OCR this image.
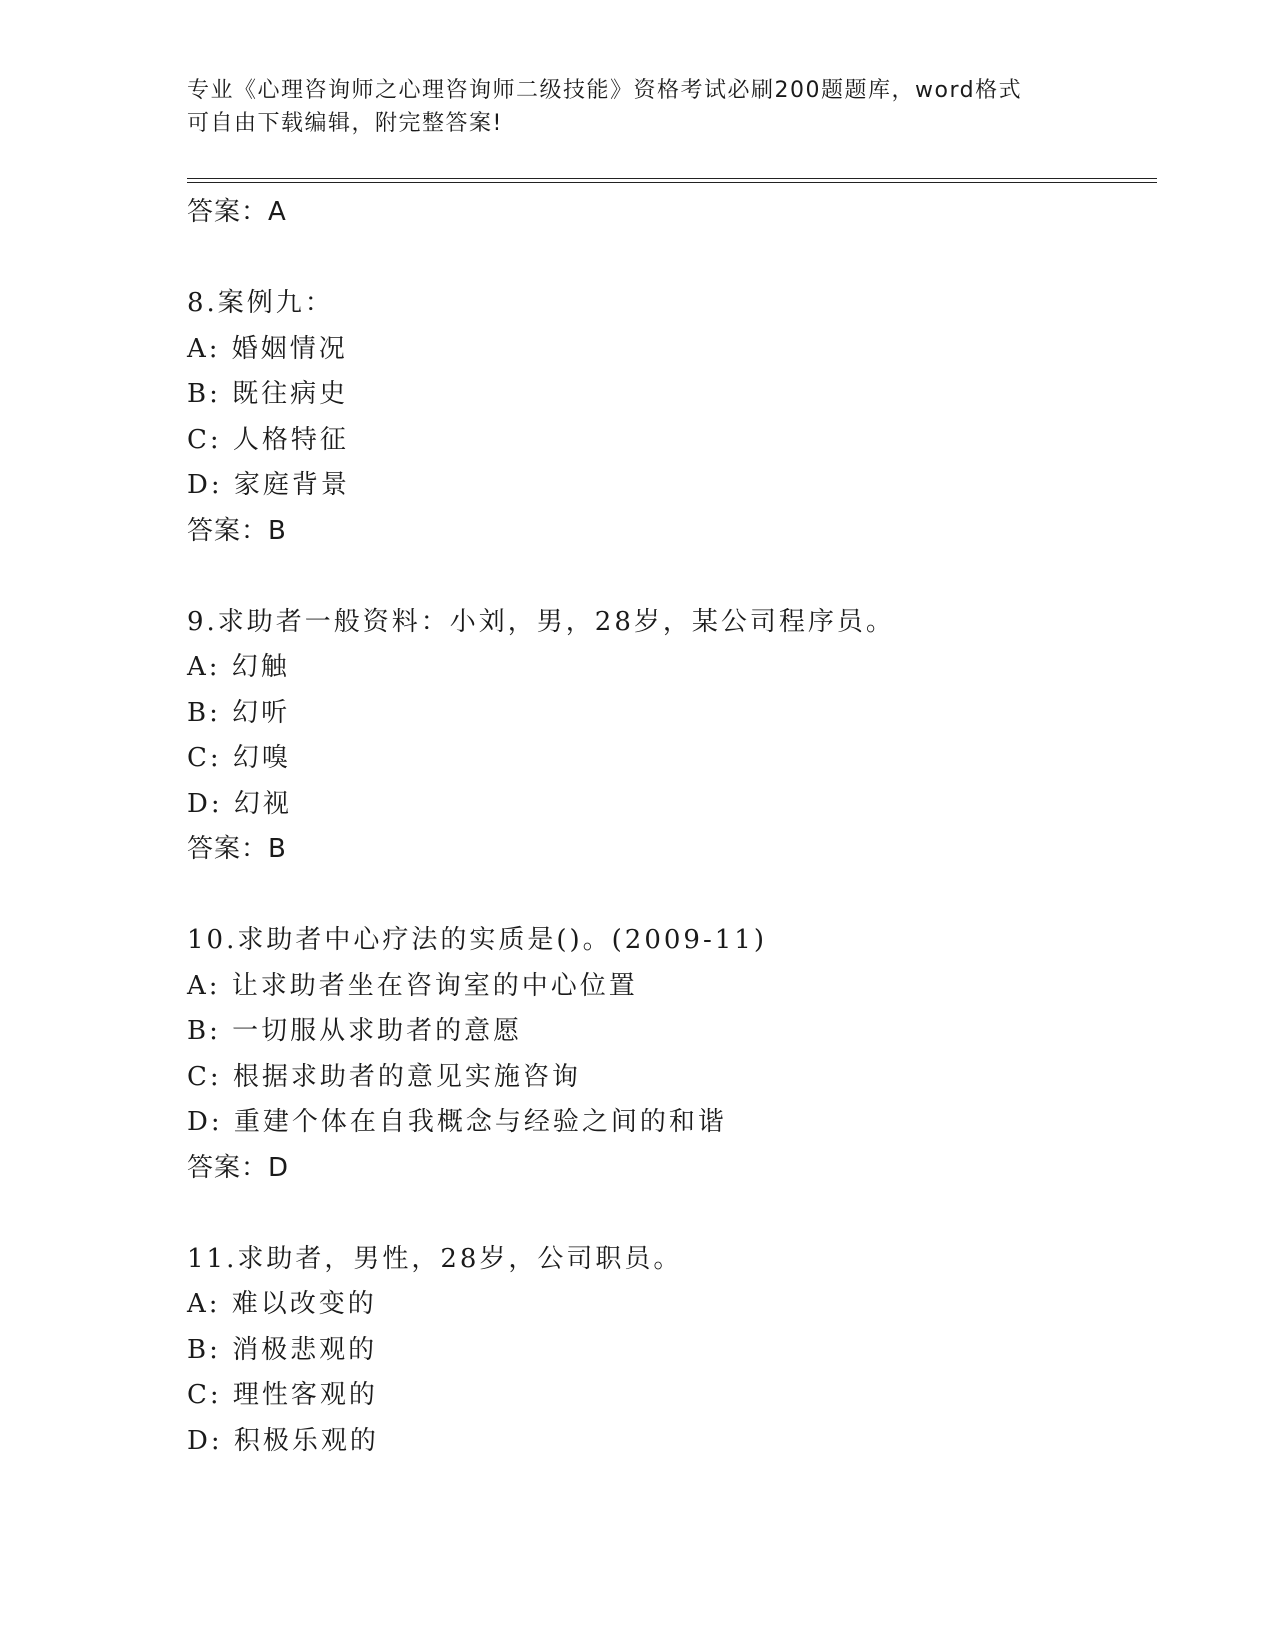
专业《心理咨询师之心理咨询师二级技能》资格考试必刷200题题库，word格式
可自由下载编辑，附完整答案!
答案：A
8.案例九：
A: 婚姻情况
B: 既往病史
C: 人格特征
D: 家庭背景
答案：B
9.求助者一般资料：小刘，男，28岁，某公司程序员。
A: 幻触
B: 幻听
C: 幻嗅
D: 幻视
答案：B
10.求助者中心疗法的实质是()。(2009-11)
A: 让求助者坐在咨询室的中心位置
B: 一切服从求助者的意愿
C: 根据求助者的意见实施咨询
D: 重建个体在自我概念与经验之间的和谐
答案：D
11.求助者，男性，28岁，公司职员。
A: 难以改变的
B: 消极悲观的
C: 理性客观的
D: 积极乐观的
